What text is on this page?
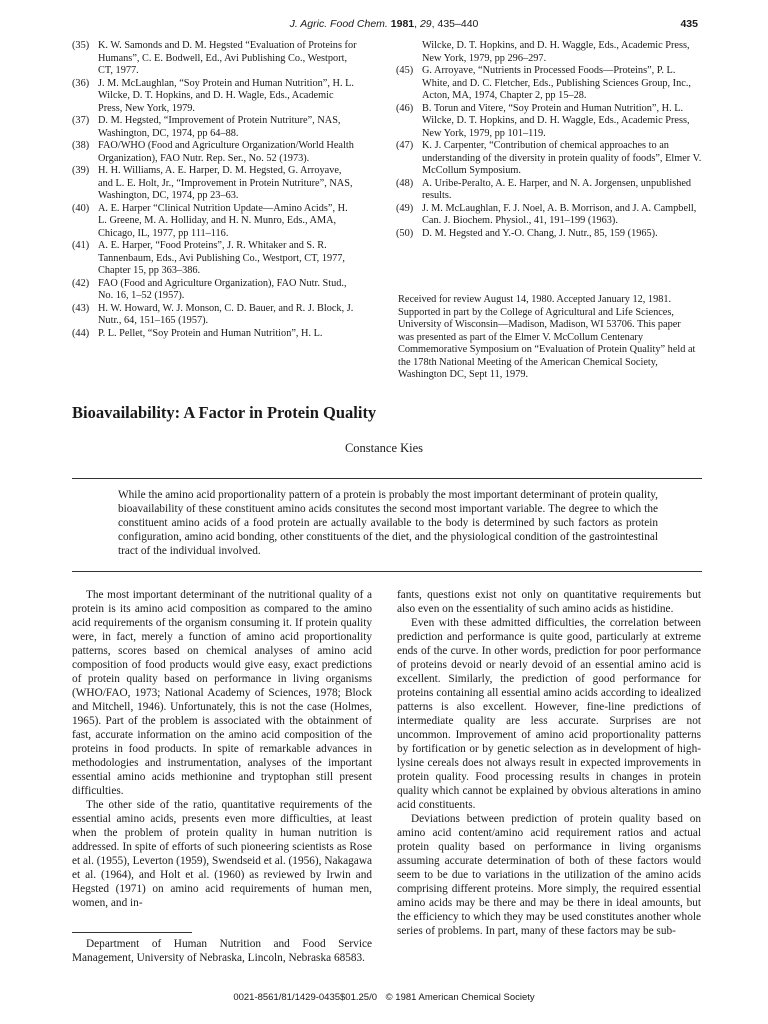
J. Agric. Food Chem. 1981, 29, 435–440	435
(35) K. W. Samonds and D. M. Hegsted “Evaluation of Proteins for Humans”, C. E. Bodwell, Ed., Avi Publishing Co., Westport, CT, 1977.
(36) J. M. McLaughlan, “Soy Protein and Human Nutrition”, H. L. Wilcke, D. T. Hopkins, and D. H. Wagle, Eds., Academic Press, New York, 1979.
(37) D. M. Hegsted, “Improvement of Protein Nutriture”, NAS, Washington, DC, 1974, pp 64–88.
(38) FAO/WHO (Food and Agriculture Organization/World Health Organization), FAO Nutr. Rep. Ser., No. 52 (1973).
(39) H. H. Williams, A. E. Harper, D. M. Hegsted, G. Arroyave, and L. E. Holt, Jr., “Improvement in Protein Nutriture”, NAS, Washington, DC, 1974, pp 23–63.
(40) A. E. Harper “Clinical Nutrition Update—Amino Acids”, H. L. Greene, M. A. Holliday, and H. N. Munro, Eds., AMA, Chicago, IL, 1977, pp 111–116.
(41) A. E. Harper, “Food Proteins”, J. R. Whitaker and S. R. Tannenbaum, Eds., Avi Publishing Co., Westport, CT, 1977, Chapter 15, pp 363–386.
(42) FAO (Food and Agriculture Organization), FAO Nutr. Stud., No. 16, 1–52 (1957).
(43) H. W. Howard, W. J. Monson, C. D. Bauer, and R. J. Block, J. Nutr., 64, 151–165 (1957).
(44) P. L. Pellet, “Soy Protein and Human Nutrition”, H. L.
Wilcke, D. T. Hopkins, and D. H. Waggle, Eds., Academic Press, New York, 1979, pp 296–297.
(45) G. Arroyave, “Nutrients in Processed Foods—Proteins”, P. L. White, and D. C. Fletcher, Eds., Publishing Sciences Group, Inc., Acton, MA, 1974, Chapter 2, pp 15–28.
(46) B. Torun and Vitere, “Soy Protein and Human Nutrition”, H. L. Wilcke, D. T. Hopkins, and D. H. Waggle, Eds., Academic Press, New York, 1979, pp 101–119.
(47) K. J. Carpenter, “Contribution of chemical approaches to an understanding of the diversity in protein quality of foods”, Elmer V. McCollum Symposium.
(48) A. Uribe-Peralto, A. E. Harper, and N. A. Jorgensen, unpublished results.
(49) J. M. McLaughlan, F. J. Noel, A. B. Morrison, and J. A. Campbell, Can. J. Biochem. Physiol., 41, 191–199 (1963).
(50) D. M. Hegsted and Y.-O. Chang, J. Nutr., 85, 159 (1965).
Received for review August 14, 1980. Accepted January 12, 1981. Supported in part by the College of Agricultural and Life Sciences, University of Wisconsin—Madison, Madison, WI 53706. This paper was presented as part of the Elmer V. McCollum Centenary Commemorative Symposium on “Evaluation of Protein Quality” held at the 178th National Meeting of the American Chemical Society, Washington DC, Sept 11, 1979.
Bioavailability: A Factor in Protein Quality
Constance Kies
While the amino acid proportionality pattern of a protein is probably the most important determinant of protein quality, bioavailability of these constituent amino acids consitutes the second most important variable. The degree to which the constituent amino acids of a food protein are actually available to the body is determined by such factors as protein configuration, amino acid bonding, other constituents of the diet, and the physiological condition of the gastrointestinal tract of the individual involved.

The most important determinant of the nutritional quality of a protein is its amino acid composition as compared to the amino acid requirements of the organism consuming it. If protein quality were, in fact, merely a function of amino acid proportionality patterns, scores based on chemical analyses of amino acid composition of food products would give easy, exact predictions of protein quality based on performance in living organisms (WHO/FAO, 1973; National Academy of Sciences, 1978; Block and Mitchell, 1946). Unfortunately, this is not the case (Holmes, 1965). Part of the problem is associated with the obtainment of fast, accurate information on the amino acid composition of the proteins in food products. In spite of remarkable advances in methodologies and instrumentation, analyses of the important essential amino acids methionine and tryptophan still present difficulties.

The other side of the ratio, quantitative requirements of the essential amino acids, presents even more difficulties, at least when the problem of protein quality in human nutrition is addressed. In spite of efforts of such pioneering scientists as Rose et al. (1955), Leverton (1959), Swendseid et al. (1956), Nakagawa et al. (1964), and Holt et al. (1960) as reviewed by Irwin and Hegsted (1971) on amino acid requirements of human men, women, and in-

Department of Human Nutrition and Food Service Management, University of Nebraska, Lincoln, Nebraska 68583.

fants, questions exist not only on quantitative requirements but also even on the essentiality of such amino acids as histidine.

Even with these admitted difficulties, the correlation between prediction and performance is quite good, particularly at extreme ends of the curve. In other words, prediction for poor performance of proteins devoid or nearly devoid of an essential amino acid is excellent. Similarly, the prediction of good performance for proteins containing all essential amino acids according to idealized patterns is also excellent. However, fine-line predictions of intermediate quality are less accurate. Surprises are not uncommon. Improvement of amino acid proportionality patterns by fortification or by genetic selection as in development of high-lysine cereals does not always result in expected improvements in protein quality. Food processing results in changes in protein quality which cannot be explained by obvious alterations in amino acid constituents.

Deviations between prediction of protein quality based on amino acid content/amino acid requirement ratios and actual protein quality based on performance in living organisms assuming accurate determination of both of these factors would seem to be due to variations in the utilization of the amino acids comprising different proteins. More simply, the required essential amino acids may be there and may be there in ideal amounts, but the efficiency to which they may be used constitutes another whole series of problems. In part, many of these factors may be sub-

0021-8561/81/1429-0435$01.25/0 © 1981 American Chemical Society
